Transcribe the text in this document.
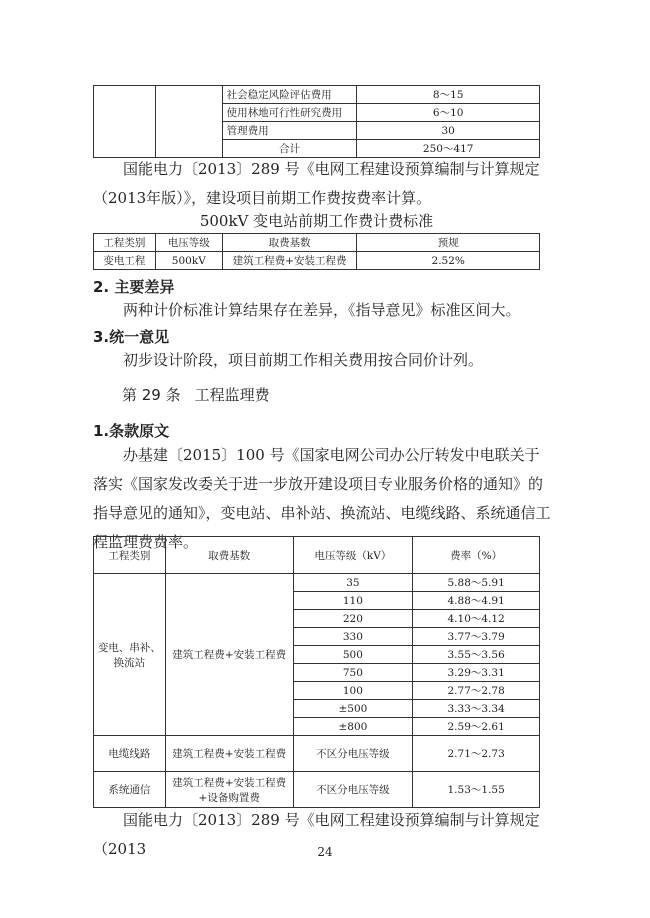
		社会稳定风险评估费用	8～15
		使用林地可行性研究费用	6～10
		管理费用	30
		合计	250～417

国能电力〔2013〕289 号《电网工程建设预算编制与计算规定（2013年版）》，建设项目前期工作费按费率计算。

500kV 变电站前期工作费计费标准
工程类别	电压等级	取费基数	预规
变电工程	500kV	建筑工程费+安装工程费	2.52%
2. 主要差异

两种计价标准计算结果存在差异，《指导意见》标准区间大。

3.统一意见

初步设计阶段，项目前期工作相关费用按合同价计列。

第 29 条 工程监理费
1.条款原文

办基建〔2015〕100 号《国家电网公司办公厅转发中电联关于落实《国家发改委关于进一步放开建设项目专业服务价格的通知》的指导意见的通知》，变电站、串补站、换流站、电缆线路、系统通信工程监理费费率。

工程类别	取费基数	电压等级（kV）	费率（%）
变电、串补、换流站	建筑工程费+安装工程费	35	5.88～5.91
		110	4.88～4.91
		220	4.10～4.12
		330	3.77～3.79
		500	3.55～3.56
		750	3.29～3.31
		100	2.77～2.78
		±500	3.33～3.34
		±800	2.59～2.61
电缆线路	建筑工程费+安装工程费	不区分电压等级	2.71～2.73
系统通信	建筑工程费+安装工程费+设备购置费	不区分电压等级	1.53～1.55

国能电力〔2013〕289 号《电网工程建设预算编制与计算规定（2013	24
